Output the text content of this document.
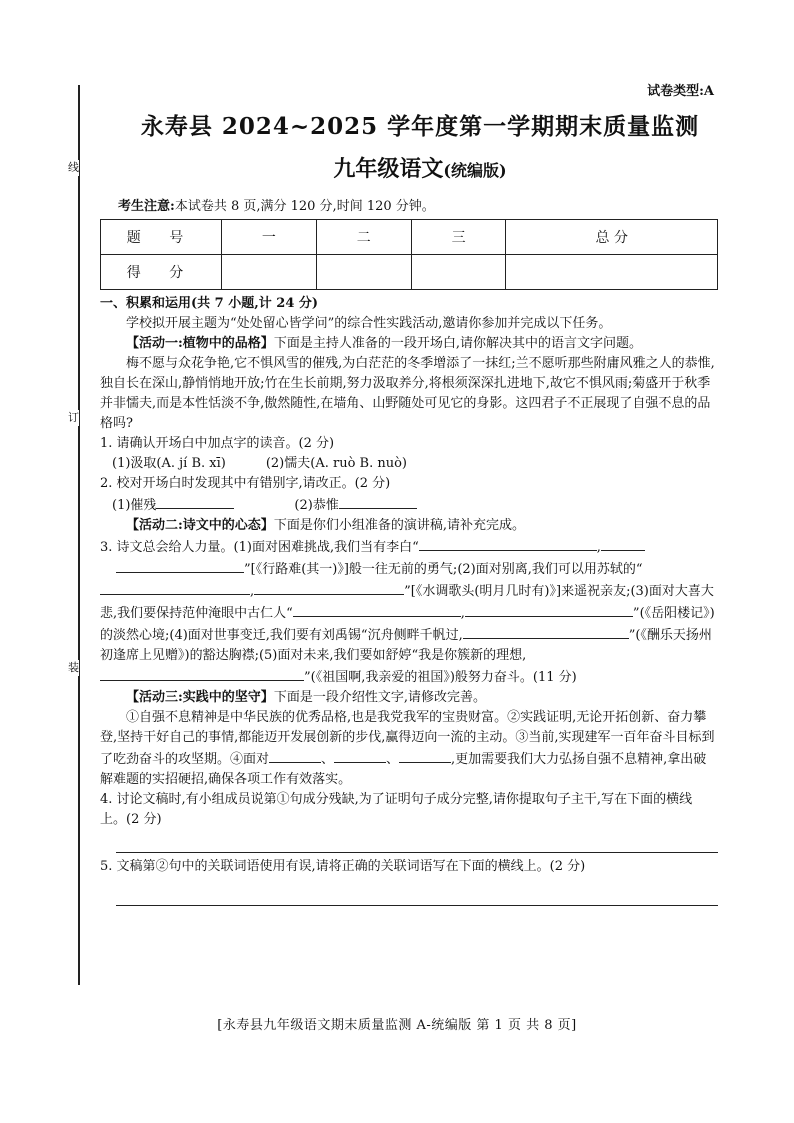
线
订
装
试卷类型:A
永寿县 2024~2025 学年度第一学期期末质量监测
九年级语文(统编版)
考生注意:本试卷共 8 页,满分 120 分,时间 120 分钟。
题 号	一	二	三	总 分
得 分				

一、积累和运用(共 7 小题,计 24 分)

学校拟开展主题为“处处留心皆学问”的综合性实践活动,邀请你参加并完成以下任务。

【活动一:植物中的品格】下面是主持人准备的一段开场白,请你解决其中的语言文字问题。

梅不愿与众花争艳,它不惧风雪的催残,为白茫茫的冬季增添了一抹红;兰不愿听那些附庸风雅之人的恭惟,独自长在深山,静悄悄地开放;竹在生长前期,努力汲取养分,将根须深深扎进地下,故它不惧风雨;菊盛开于秋季并非懦夫,而是本性恬淡不争,傲然随性,在墙角、山野随处可见它的身影。这四君子不正展现了自强不息的品格吗?

1. 请确认开场白中加点字的读音。(2 分)

(1)汲取(A. jí B. xī)	(2)懦夫(A. ruò B. nuò)

2. 校对开场白时发现其中有错别字,请改正。(2 分)

(1)催残	(2)恭惟

【活动二:诗文中的心态】下面是你们小组准备的演讲稿,请补充完成。

3. 诗文总会给人力量。(1)面对困难挑战,我们当有李白“	,
”[《行路难(其一)》]般一往无前的勇气;(2)面对别离,我们可以用苏轼的“,	”[《水调歌头(明月几时有)》]来遥祝亲友;(3)面对大喜大悲,我们要保持范仲淹眼中古仁人“	,	”(《岳阳楼记》)的淡然心境;(4)面对世事变迁,我们要有刘禹锡“沉舟侧畔千帆过,	”(《酬乐天扬州初逢席上见赠》)的豁达胸襟;(5)面对未来,我们要如舒婷“我是你簇新的理想,”(《祖国啊,我亲爱的祖国》)般努力奋斗。(11 分)

【活动三:实践中的坚守】下面是一段介绍性文字,请修改完善。

①自强不息精神是中华民族的优秀品格,也是我党我军的宝贵财富。②实践证明,无论开拓创新、奋力攀登,坚持干好自己的事情,都能迈开发展创新的步伐,赢得迈向一流的主动。③当前,实现建军一百年奋斗目标到了吃劲奋斗的攻坚期。④面对	、	、	,更加需要我们大力弘扬自强不息精神,拿出破解难题的实招硬招,确保各项工作有效落实。

4. 讨论文稿时,有小组成员说第①句成分残缺,为了证明句子成分完整,请你提取句子主干,写在下面的横线上。(2 分)

5. 文稿第②句中的关联词语使用有误,请将正确的关联词语写在下面的横线上。(2 分)

[永寿县九年级语文期末质量监测 A-统编版 第 1 页 共 8 页]
